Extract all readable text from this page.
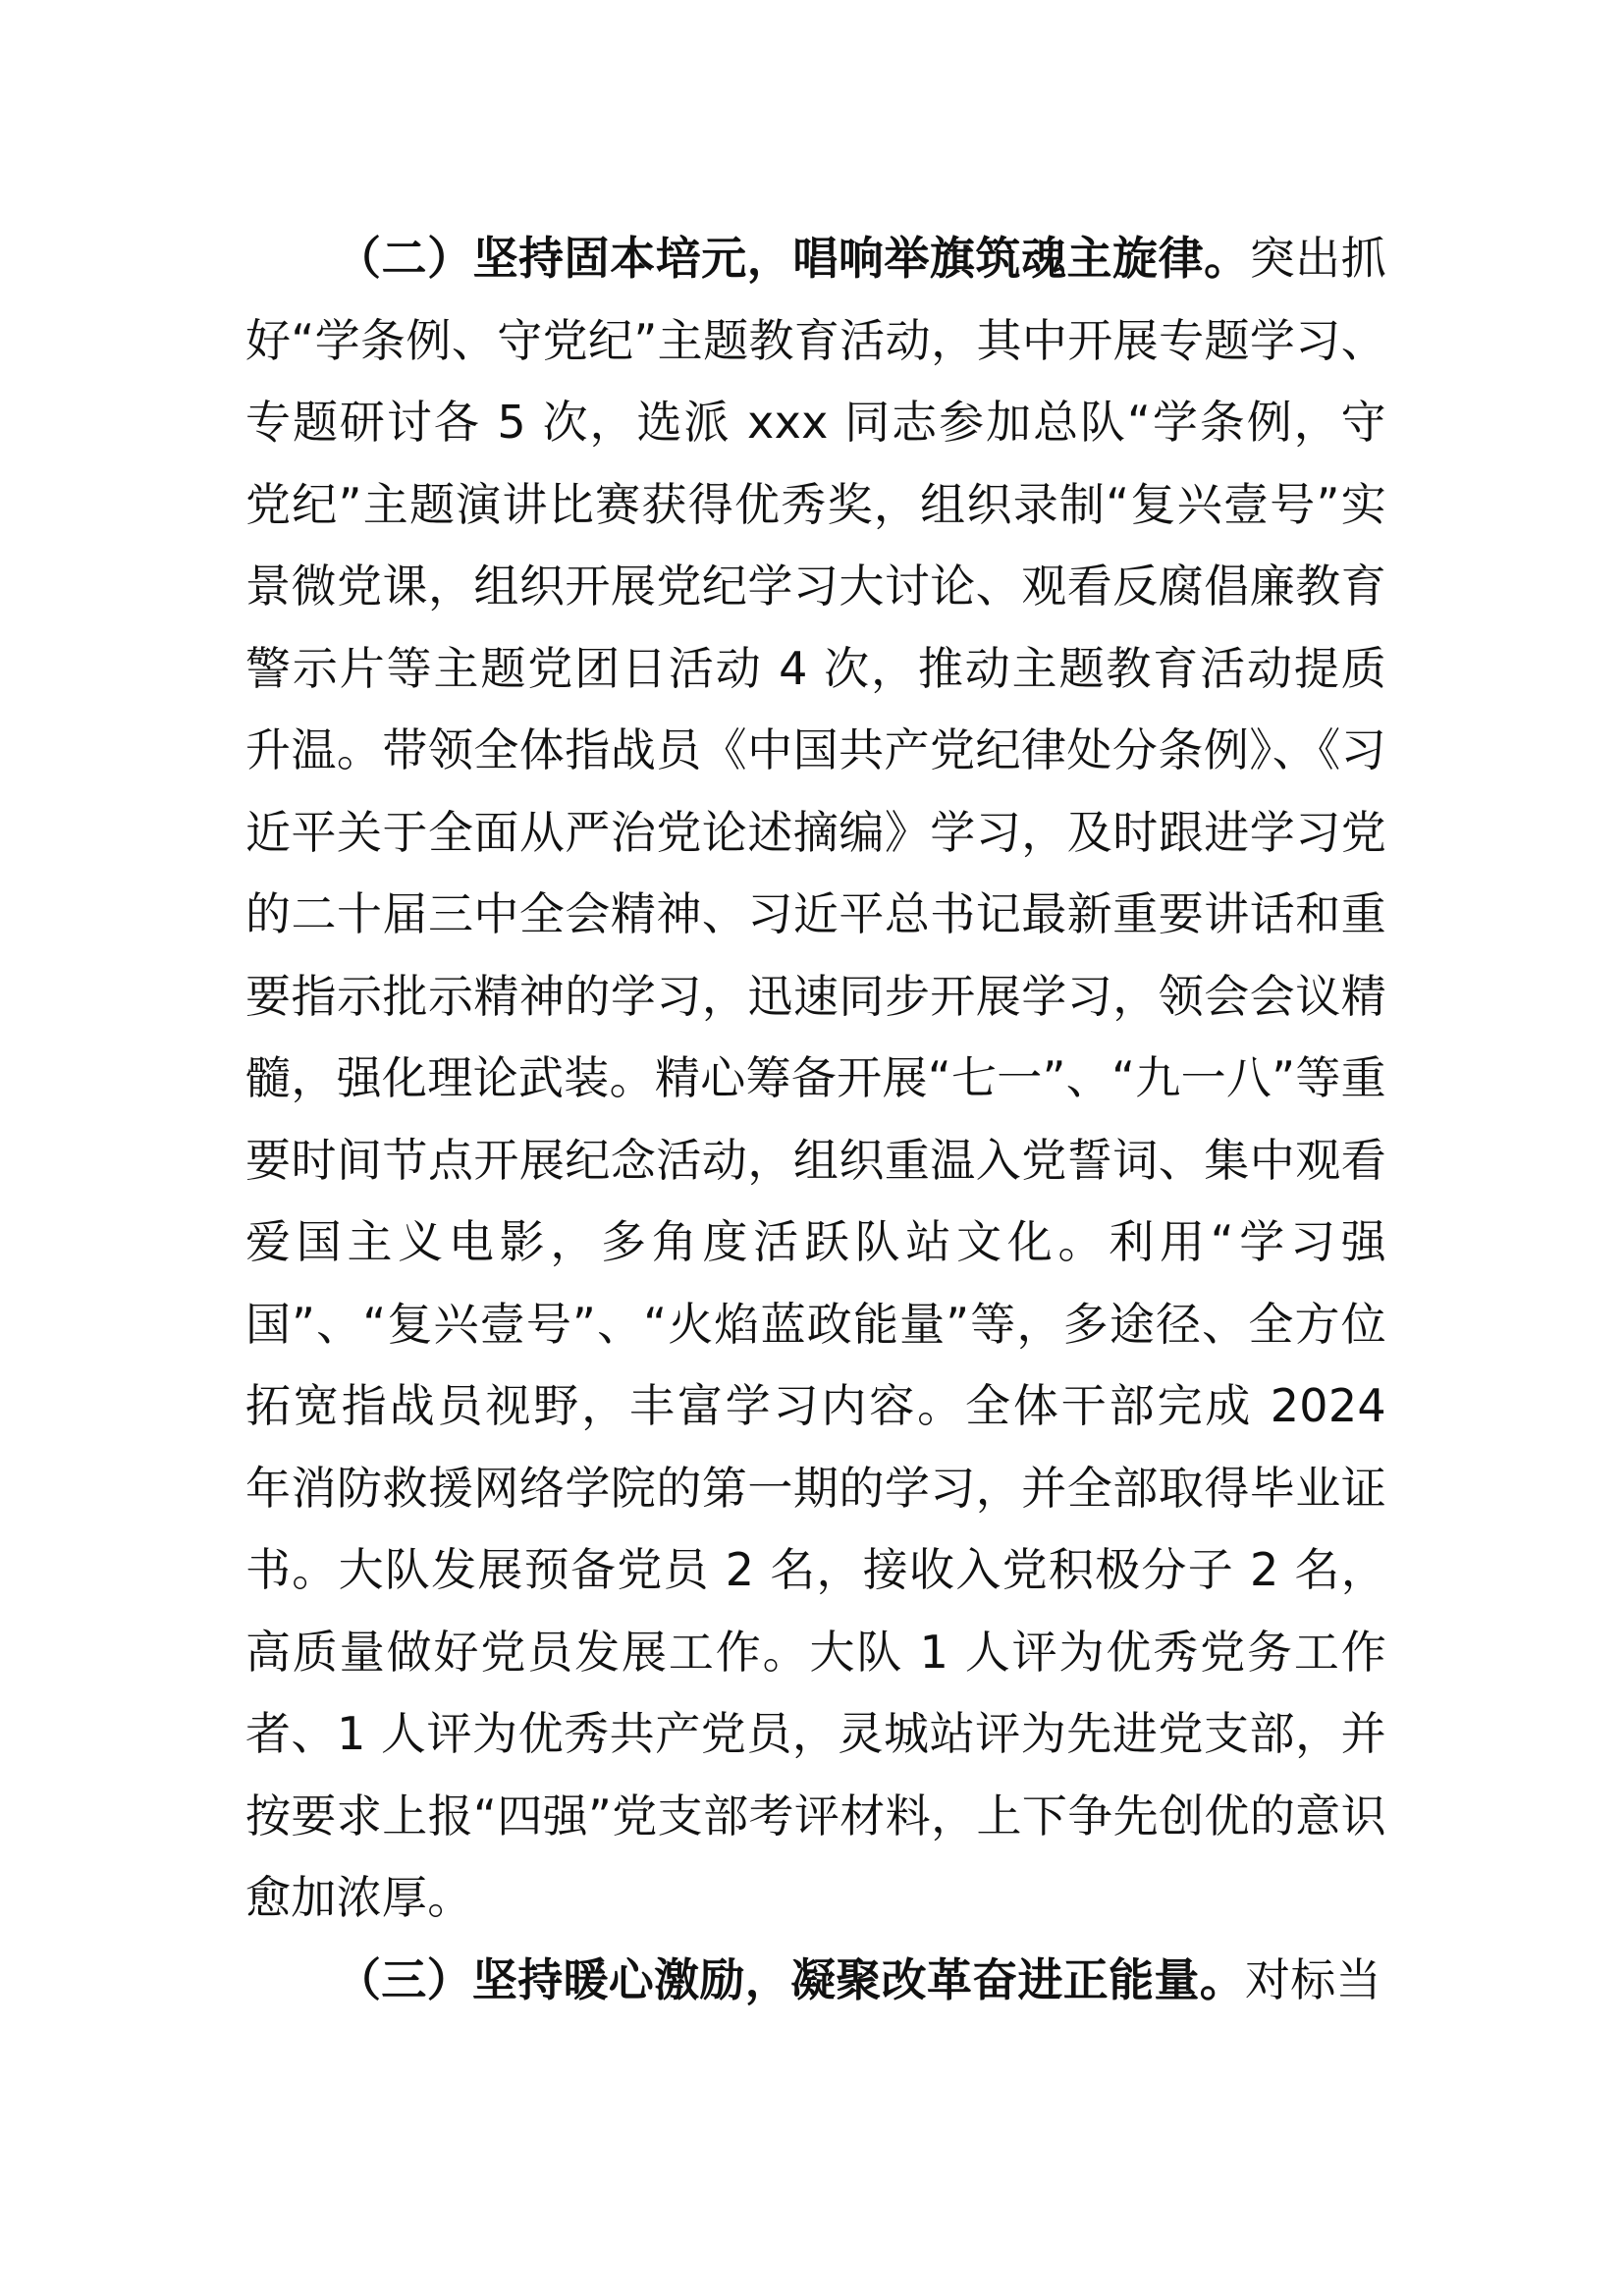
（二）坚持固本培元，唱响举旗筑魂主旋律。突出抓好“学条例、守党纪”主题教育活动，其中开展专题学习、专题研讨各 5 次，选派 xxx 同志参加总队“学条例，守党纪”主题演讲比赛获得优秀奖，组织录制“复兴壹号”实景微党课，组织开展党纪学习大讨论、观看反腐倡廉教育警示片等主题党团日活动 4 次，推动主题教育活动提质升温。带领全体指战员《中国共产党纪律处分条例》、《习近平关于全面从严治党论述摘编》学习，及时跟进学习党的二十届三中全会精神、习近平总书记最新重要讲话和重要指示批示精神的学习，迅速同步开展学习，领会会议精髓，强化理论武装。精心筹备开展“七一”、“九一八”等重要时间节点开展纪念活动，组织重温入党誓词、集中观看爱国主义电影，多角度活跃队站文化。利用“学习强国”、“复兴壹号”、“火焰蓝政能量”等，多途径、全方位拓宽指战员视野，丰富学习内容。全体干部完成 2024 年消防救援网络学院的第一期的学习，并全部取得毕业证书。大队发展预备党员 2 名，接收入党积极分子 2 名，高质量做好党员发展工作。大队 1 人评为优秀党务工作者、1 人评为优秀共产党员，灵城站评为先进党支部，并按要求上报“四强”党支部考评材料，上下争先创优的意识愈加浓厚。

（三）坚持暖心激励，凝聚改革奋进正能量。对标当
